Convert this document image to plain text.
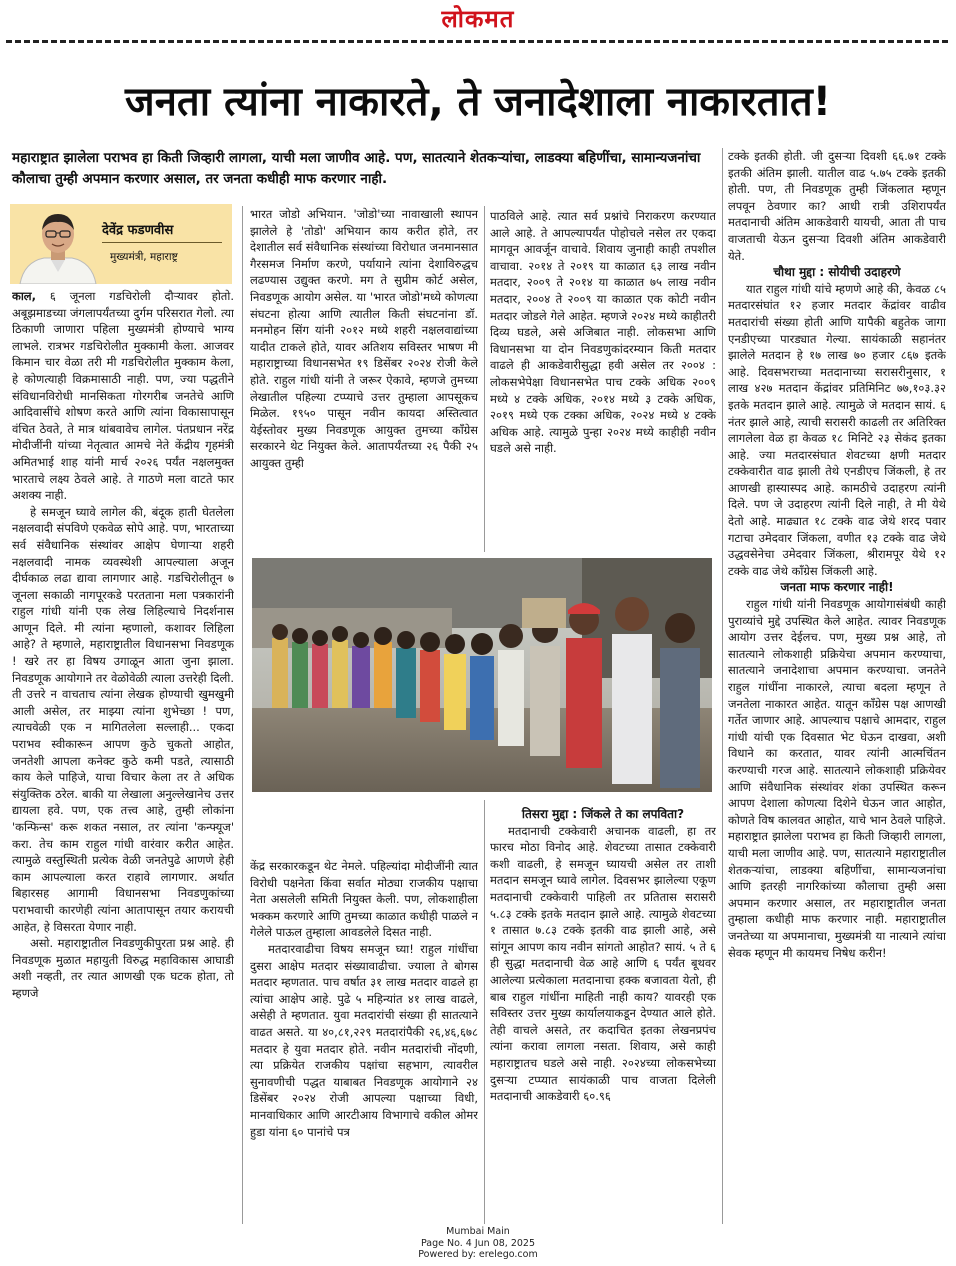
लोकमत
जनता त्यांना नाकारते, ते जनादेशाला नाकारतात!
महाराष्ट्रात झालेला पराभव हा किती जिव्हारी लागला, याची मला जाणीव आहे. पण, सातत्याने शेतकऱ्यांचा, लाडक्या बहिणींचा, सामान्यजनांचा कौलाचा तुम्ही अपमान करणार असाल, तर जनता कधीही माफ करणार नाही.
देवेंद्र फडणवीस
मुख्यमंत्री, महाराष्ट्र

काल, ६ जूनला गडचिरोली दौऱ्यावर होतो. अबूझमाडच्या जंगलापर्यंतच्या दुर्गम परिसरात गेलो. त्या ठिकाणी जाणारा पहिला मुख्यमंत्री होण्याचे भाग्य लाभले. रात्रभर गडचिरोलीत मुक्कामी केला. आजवर किमान चार वेळा तरी मी गडचिरोलीत मुक्काम केला, हे कोणत्याही विक्रमासाठी नाही. पण, ज्या पद्धतीने संविधानविरोधी मानसिकता गोरगरीब जनतेचे आणि आदिवासींचे शोषण करते आणि त्यांना विकासापासून वंचित ठेवते, ते मात्र थांबवावेच लागेल. पंतप्रधान नरेंद्र मोदीजींनी यांच्या नेतृत्वात आमचे नेते केंद्रीय गृहमंत्री अमितभाई शाह यांनी मार्च २०२६ पर्यंत नक्षलमुक्त भारताचे लक्ष्य ठेवले आहे. ते गाठणे मला वाटते फार अशक्य नाही.

हे समजून घ्यावे लागेल की, बंदूक हाती घेतलेला नक्षलवादी संपविणे एकवेळ सोपे आहे. पण, भारताच्या सर्व संवैधानिक संस्थांवर आक्षेप घेणाऱ्या शहरी नक्षलवादी नामक व्यवस्थेशी आपल्याला अजून दीर्घकाळ लढा द्यावा लागणार आहे. गडचिरोलीतून ७ जूनला सकाळी नागपूरकडे परतताना मला पत्रकारांनी राहुल गांधी यांनी एक लेख लिहिल्याचे निदर्शनास आणून दिले. मी त्यांना म्हणालो, कशावर लिहिला आहे? ते म्हणाले, महाराष्ट्रातील विधानसभा निवडणूक ! खरे तर हा विषय उगाळून आता जुना झाला. निवडणूक आयोगाने तर वेळोवेळी त्याला उत्तरेही दिली. ती उत्तरे न वाचताच त्यांना लेखक होण्याची खुमखुमी आली असेल, तर माझ्या त्यांना शुभेच्छा ! पण, त्याचवेळी एक न मागितलेला सल्लाही... एकदा पराभव स्वीकारून आपण कुठे चुकतो आहोत, जनतेशी आपला कनेक्ट कुठे कमी पडते, त्यासाठी काय केले पाहिजे, याचा विचार केला तर ते अधिक संयुक्तिक ठरेल. बाकी या लेखाला अनुल्लेखानेच उत्तर द्यायला हवे. पण, एक तत्त्व आहे, तुम्ही लोकांना 'कन्फिन्स' करू शकत नसाल, तर त्यांना 'कन्फ्यूज' करा. तेच काम राहुल गांधी वारंवार करीत आहेत. त्यामुळे वस्तुस्थिती प्रत्येक वेळी जनतेपुढे आणणे हेही काम आपल्याला करत राहावे लागणार. अर्थात बिहारसह आगामी विधानसभा निवडणुकांच्या पराभवाची कारणेही त्यांना आतापासून तयार करायची आहेत, हे विसरता येणार नाही.

असो. महाराष्ट्रातील निवडणुकीपुरता प्रश्न आहे. ही निवडणूक मुळात महायुती विरुद्ध महाविकास आघाडी अशी नव्हती, तर त्यात आणखी एक घटक होता, तो म्हणजे

भारत जोडो अभियान. 'जोडो'च्या नावाखाली स्थापन झालेले हे 'तोडो' अभियान काय करीत होते, तर देशातील सर्व संवैधानिक संस्थांच्या विरोधात जनमानसात गैरसमज निर्माण करणे, पर्यायाने त्यांना देशाविरुद्धच लढण्यास उद्युक्त करणे. मग ते सुप्रीम कोर्ट असेल, निवडणूक आयोग असेल. या 'भारत जोडो'मध्ये कोणत्या संघटना होत्या आणि त्यातील किती संघटनांना डॉ. मनमोहन सिंग यांनी २०१२ मध्ये शहरी नक्षलवाद्यांच्या यादीत टाकले होते, यावर अतिशय सविस्तर भाषण मी महाराष्ट्राच्या विधानसभेत १९ डिसेंबर २०२४ रोजी केले होते. राहुल गांधी यांनी ते जरूर ऐकावे, म्हणजे तुमच्या लेखातील पहिल्या टप्प्याचे उत्तर तुम्हाला आपसूकच मिळेल. १९५० पासून नवीन कायदा अस्तित्वात येईस्तोवर मुख्य निवडणूक आयुक्त तुमच्या काँग्रेस सरकारने थेट नियुक्त केले. आतापर्यंतच्या २६ पैकी २५ आयुक्त तुम्ही

पाठविले आहे. त्यात सर्व प्रश्नांचे निराकरण करण्यात आले आहे. ते आपल्यापर्यंत पोहोचले नसेल तर एकदा मागवून आवर्जून वाचावे. शिवाय जुनाही काही तपशील वाचावा. २०१४ ते २०१९ या काळात ६३ लाख नवीन मतदार, २००९ ते २०१४ या काळात ७५ लाख नवीन मतदार, २००४ ते २००९ या काळात एक कोटी नवीन मतदार जोडले गेले आहेत. म्हणजे २०२४ मध्ये काहीतरी दिव्य घडले, असे अजिबात नाही. लोकसभा आणि विधानसभा या दोन निवडणुकांदरम्यान किती मतदार वाढले ही आकडेवारीसुद्धा हवी असेल तर २००४ : लोकसभेपेक्षा विधानसभेत पाच टक्के अधिक २००९ मध्ये ४ टक्के अधिक, २०१४ मध्ये ३ टक्के अधिक, २०१९ मध्ये एक टक्का अधिक, २०२४ मध्ये ४ टक्के अधिक आहे. त्यामुळे पुन्हा २०२४ मध्ये काहीही नवीन घडले असे नाही.

केंद्र सरकारकडून थेट नेमले. पहिल्यांदा मोदीजींनी त्यात विरोधी पक्षनेता किंवा सर्वात मोठ्या राजकीय पक्षाचा नेता असलेली समिती नियुक्त केली. पण, लोकशाहीला भक्कम करणारे आणि तुमच्या काळात कधीही पाळले न गेलेले पाऊल तुम्हाला आवडलेले दिसत नाही.

मतदारवाढीचा विषय समजून घ्या! राहुल गांधींचा दुसरा आक्षेप मतदार संख्यावाढीचा. ज्याला ते बोगस मतदार म्हणतात. पाच वर्षात ३१ लाख मतदार वाढले हा त्यांचा आक्षेप आहे. पुढे ५ महिन्यांत ४१ लाख वाढले, असेही ते म्हणतात. युवा मतदारांची संख्या ही सातत्याने वाढत असते. या ४०,८१,२२९ मतदारांपैकी २६,४६,६७८ मतदार हे युवा मतदार होते. नवीन मतदारांची नोंदणी, त्या प्रक्रियेत राजकीय पक्षांचा सहभाग, त्यावरील सुनावणीची पद्धत याबाबत निवडणूक आयोगाने २४ डिसेंबर २०२४ रोजी आपल्या पक्षाच्या विधी, मानवाधिकार आणि आरटीआय विभागाचे वकील ओमर हुडा यांना ६० पानांचे पत्र

तिसरा मुद्दा : जिंकले ते का लपविता?

मतदानाची टक्केवारी अचानक वाढली, हा तर फारच मोठा विनोद आहे. शेवटच्या तासात टक्केवारी कशी वाढली, हे समजून घ्यायची असेल तर ताशी मतदान समजून घ्यावे लागेल. दिवसभर झालेल्या एकूण मतदानाची टक्केवारी पाहिली तर प्रतितास सरासरी ५.८३ टक्के इतके मतदान झाले आहे. त्यामुळे शेवटच्या १ तासात ७.८३ टक्के इतकी वाढ झाली आहे, असे सांगून आपण काय नवीन सांगतो आहोत? सायं. ५ ते ६ ही सुद्धा मतदानाची वेळ आहे आणि ६ पर्यंत बूथवर आलेल्या प्रत्येकाला मतदानाचा हक्क बजावता येतो, ही बाब राहुल गांधींना माहिती नाही काय? यावरही एक सविस्तर उत्तर मुख्य कार्यालयाकडून देण्यात आले होते. तेही वाचले असते, तर कदाचित इतका लेखनप्रपंच त्यांना करावा लागला नसता. शिवाय, असे काही महाराष्ट्रातच घडले असे नाही. २०२४च्या लोकसभेच्या दुसऱ्या टप्प्यात सायंकाळी पाच वाजता दिलेली मतदानाची आकडेवारी ६०.९६

टक्के इतकी होती. जी दुसऱ्या दिवशी ६६.७१ टक्के इतकी अंतिम झाली. यातील वाढ ५.७५ टक्के इतकी होती. पण, ती निवडणूक तुम्ही जिंकलात म्हणून लपवून ठेवणार का? आधी रात्री उशिरापर्यंत मतदानाची अंतिम आकडेवारी यायची, आता ती पाच वाजताची येऊन दुसऱ्या दिवशी अंतिम आकडेवारी येते.

चौथा मुद्दा : सोयीची उदाहरणे

यात राहुल गांधी यांचे म्हणणे आहे की, केवळ ८५ मतदारसंघांत १२ हजार मतदार केंद्रांवर वाढीव मतदारांची संख्या होती आणि यापैकी बहुतेक जागा एनडीएच्या पारड्यात गेल्या. सायंकाळी सहानंतर झालेले मतदान हे १७ लाख ७० हजार ८६७ इतके आहे. दिवसभराच्या मतदानाच्या सरासरीनुसार, १ लाख ४२७ मतदान केंद्रांवर प्रतिमिनिट ७७,१०३.३२ इतके मतदान झाले आहे. त्यामुळे जे मतदान सायं. ६ नंतर झाले आहे, त्याची सरासरी काढली तर अतिरिक्त लागलेला वेळ हा केवळ १८ मिनिटे २३ सेकंद इतका आहे. ज्या मतदारसंघात शेवटच्या क्षणी मतदार टक्केवारीत वाढ झाली तेथे एनडीएच जिंकली, हे तर आणखी हास्यास्पद आहे. कामठीचे उदाहरण त्यांनी दिले. पण जे उदाहरण त्यांनी दिले नाही, ते मी येथे देतो आहे. माढ्यात १८ टक्के वाढ जेथे शरद पवार गटाचा उमेदवार जिंकला, वणीत १३ टक्के वाढ जेथे उद्धवसेनेचा उमेदवार जिंकला, श्रीरामपूर येथे १२ टक्के वाढ जेथे काँग्रेस जिंकली आहे.

जनता माफ करणार नाही!

राहुल गांधी यांनी निवडणूक आयोगासंबंधी काही पुराव्यांचे मुद्दे उपस्थित केले आहेत. त्यावर निवडणूक आयोग उत्तर देईलच. पण, मुख्य प्रश्न आहे, तो सातत्याने लोकशाही प्रक्रियेचा अपमान करण्याचा, सातत्याने जनादेशाचा अपमान करण्याचा. जनतेने राहुल गांधींना नाकारले, त्याचा बदला म्हणून ते जनतेला नाकारत आहेत. यातून काँग्रेस पक्ष आणखी गर्तेत जाणार आहे. आपल्याच पक्षाचे आमदार, राहुल गांधी यांची एक दिवसात भेट घेऊन दाखवा, अशी विधाने का करतात, यावर त्यांनी आत्मचिंतन करण्याची गरज आहे. सातत्याने लोकशाही प्रक्रियेवर आणि संवैधानिक संस्थांवर शंका उपस्थित करून आपण देशाला कोणत्या दिशेने घेऊन जात आहोत, कोणते विष कालवत आहोत, याचे भान ठेवले पाहिजे. महाराष्ट्रात झालेला पराभव हा किती जिव्हारी लागला, याची मला जाणीव आहे. पण, सातत्याने महाराष्ट्रातील शेतकऱ्यांचा, लाडक्या बहिणींचा, सामान्यजनांचा आणि इतरही नागरिकांच्या कौलाचा तुम्ही असा अपमान करणार असाल, तर महाराष्ट्रातील जनता तुम्हाला कधीही माफ करणार नाही. महाराष्ट्रातील जनतेच्या या अपमानाचा, मुख्यमंत्री या नात्याने त्यांचा सेवक म्हणून मी कायमच निषेध करीन!

Mumbai Main
Page No. 4 Jun 08, 2025
Powered by: erelego.com
